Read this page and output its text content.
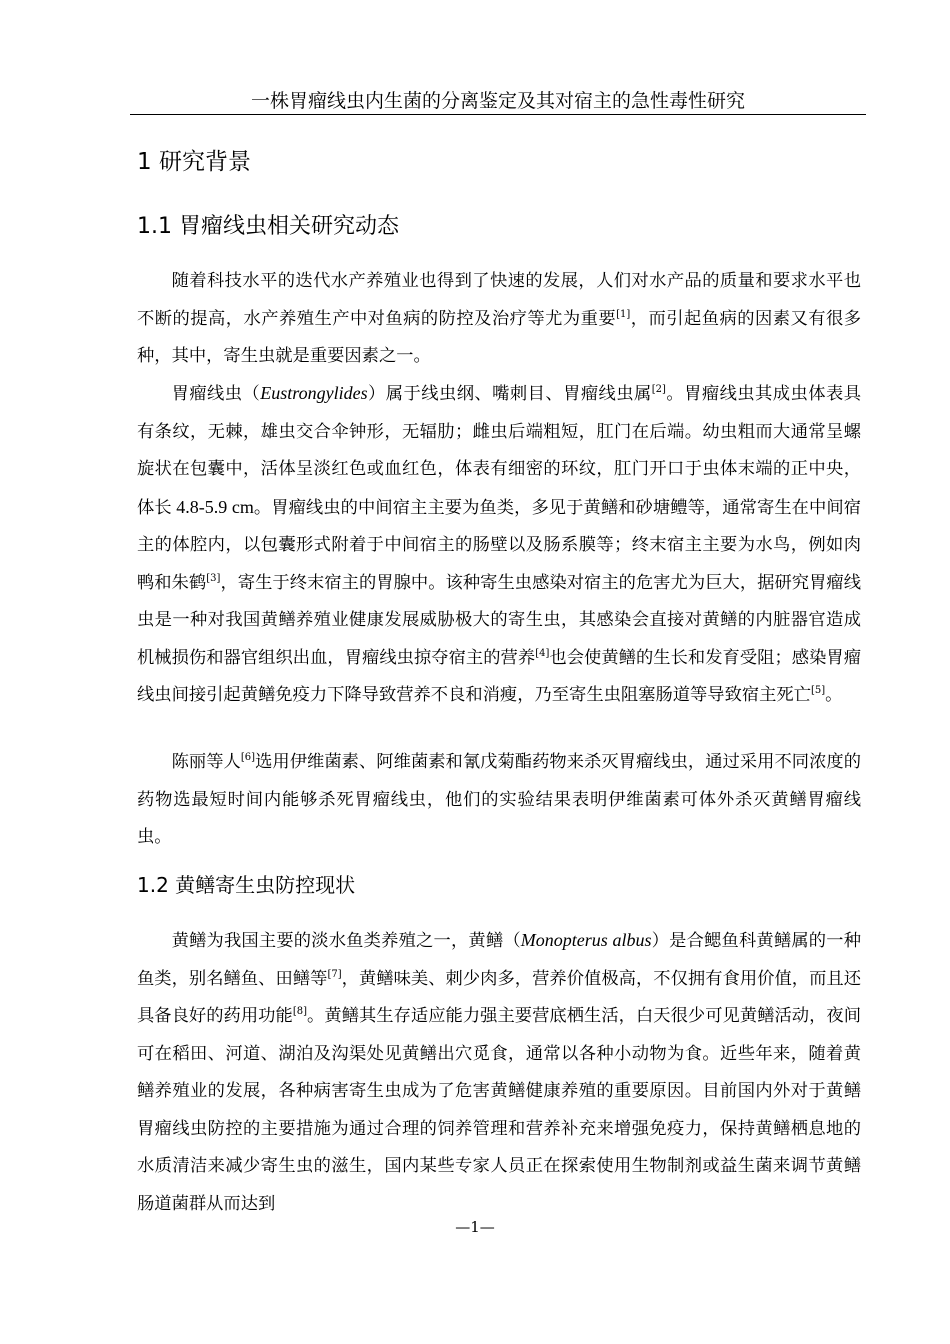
一株胃瘤线虫内生菌的分离鉴定及其对宿主的急性毒性研究
1 研究背景
1.1 胃瘤线虫相关研究动态

随着科技水平的迭代水产养殖业也得到了快速的发展，人们对水产品的质量和要求水平也不断的提高，水产养殖生产中对鱼病的防控及治疗等尤为重要[1]，而引起鱼病的因素又有很多种，其中，寄生虫就是重要因素之一。

胃瘤线虫（Eustrongylides）属于线虫纲、嘴刺目、胃瘤线虫属[2]。胃瘤线虫其成虫体表具有条纹，无棘，雄虫交合伞钟形，无辐肋；雌虫后端粗短，肛门在后端。幼虫粗而大通常呈螺旋状在包囊中，活体呈淡红色或血红色，体表有细密的环纹，肛门开口于虫体末端的正中央，体长 4.8-5.9 cm。胃瘤线虫的中间宿主主要为鱼类，多见于黄鳝和砂塘鳢等，通常寄生在中间宿主的体腔内，以包囊形式附着于中间宿主的肠壁以及肠系膜等；终末宿主主要为水鸟，例如肉鸭和朱鹤[3]，寄生于终末宿主的胃腺中。该种寄生虫感染对宿主的危害尤为巨大，据研究胃瘤线虫是一种对我国黄鳝养殖业健康发展威胁极大的寄生虫，其感染会直接对黄鳝的内脏器官造成机械损伤和器官组织出血，胃瘤线虫掠夺宿主的营养[4]也会使黄鳝的生长和发育受阻；感染胃瘤线虫间接引起黄鳝免疫力下降导致营养不良和消瘦，乃至寄生虫阻塞肠道等导致宿主死亡[5]。

陈丽等人[6]选用伊维菌素、阿维菌素和氰戊菊酯药物来杀灭胃瘤线虫，通过采用不同浓度的药物选最短时间内能够杀死胃瘤线虫，他们的实验结果表明伊维菌素可体外杀灭黄鳝胃瘤线虫。

1.2 黄鳝寄生虫防控现状

黄鳝为我国主要的淡水鱼类养殖之一，黄鳝（Monopterus albus）是合鳃鱼科黄鳝属的一种鱼类，别名鳝鱼、田鳝等[7]，黄鳝味美、刺少肉多，营养价值极高，不仅拥有食用价值，而且还具备良好的药用功能[8]。黄鳝其生存适应能力强主要营底栖生活，白天很少可见黄鳝活动，夜间可在稻田、河道、湖泊及沟渠处见黄鳝出穴觅食，通常以各种小动物为食。近些年来，随着黄鳝养殖业的发展，各种病害寄生虫成为了危害黄鳝健康养殖的重要原因。目前国内外对于黄鳝胃瘤线虫防控的主要措施为通过合理的饲养管理和营养补充来增强免疫力，保持黄鳝栖息地的水质清洁来减少寄生虫的滋生，国内某些专家人员正在探索使用生物制剂或益生菌来调节黄鳝肠道菌群从而达到

—1—
